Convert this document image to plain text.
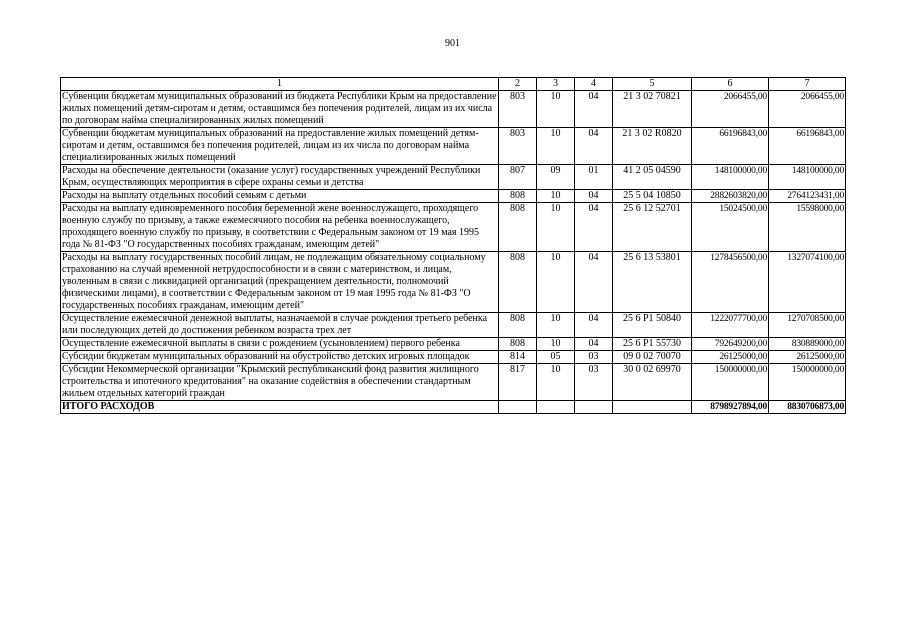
901
1	2	3	4	5	6	7
Субвенции бюджетам муниципальных образований из бюджета Республики Крым на предоставление жилых помещений детям-сиротам и детям, оставшимся без попечения родителей, лицам из их числа по договорам найма специализированных жилых помещений	803	10	04	21 3 02 70821	2066455,00	2066455,00
Субвенции бюджетам муниципальных образований на предоставление жилых помещений детям-сиротам и детям, оставшимся без попечения родителей, лицам из их числа по договорам найма специализированных жилых помещений	803	10	04	21 3 02 R0820	66196843,00	66196843,00
Расходы на обеспечение деятельности (оказание услуг) государственных учреждений Республики Крым, осуществляющих мероприятия в сфере охраны семьи и детства	807	09	01	41 2 05 04590	148100000,00	148100000,00
Расходы на выплату отдельных пособий семьям с детьми	808	10	04	25 5 04 10850	2882603820,00	2764123431,00
Расходы на выплату единовременного пособия беременной жене военнослужащего, проходящего военную службу по призыву, а также ежемесячного пособия на ребенка военнослужащего, проходящего военную службу по призыву, в соответствии с Федеральным законом от 19 мая 1995 года № 81-ФЗ "О государственных пособиях гражданам, имеющим детей"	808	10	04	25 6 12 52701	15024500,00	15598000,00
Расходы на выплату государственных пособий лицам, не подлежащим обязательному социальному страхованию на случай временной нетрудоспособности и в связи с материнством, и лицам, уволенным в связи с ликвидацией организаций (прекращением деятельности, полномочий физическими лицами), в соответствии с Федеральным законом от 19 мая 1995 года № 81-ФЗ "О государственных пособиях гражданам, имеющим детей"	808	10	04	25 6 13 53801	1278456500,00	1327074100,00
Осуществление ежемесячной денежной выплаты, назначаемой в случае рождения третьего ребенка или последующих детей до достижения ребенком возраста трех лет	808	10	04	25 6 P1 50840	1222077700,00	1270708500,00
Осуществление ежемесячной выплаты в связи с рождением (усыновлением) первого ребенка	808	10	04	25 6 P1 55730	792649200,00	830889000,00
Субсидии бюджетам муниципальных образований на обустройство детских игровых площадок	814	05	03	09 0 02 70070	26125000,00	26125000,00
Субсидии Некоммерческой организации "Крымский республиканский фонд развития жилищного строительства и ипотечного кредитования" на оказание содействия в обеспечении стандартным жильем отдельных категорий граждан	817	10	03	30 0 02 69970	150000000,00	150000000,00
ИТОГО РАСХОДОВ					8798927894,00	8830706873,00
